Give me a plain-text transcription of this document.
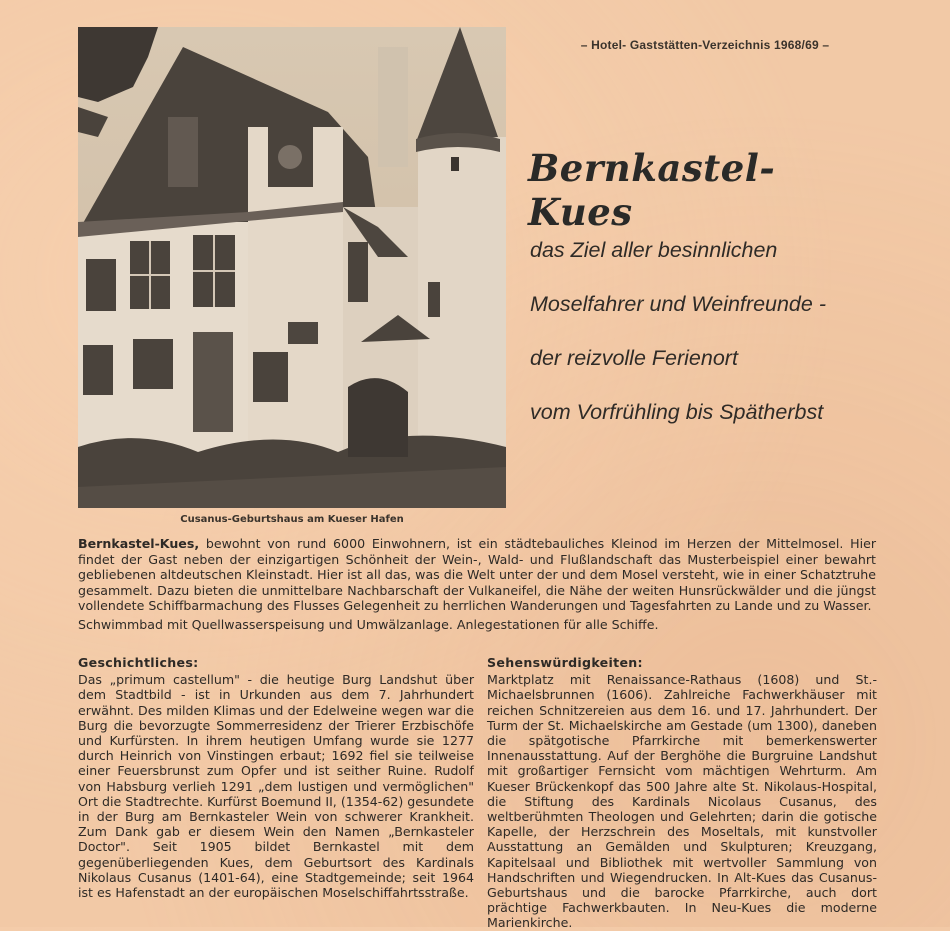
– Hotel- Gaststätten-Verzeichnis 1968/69 –
Cusanus-Geburtshaus am Kueser Hafen
Bernkastel-Kues
das Ziel aller besinnlichen
Moselfahrer und Weinfreunde -
der reizvolle Ferienort
vom Vorfrühling bis Spätherbst

Bernkastel-Kues, bewohnt von rund 6000 Einwohnern, ist ein städtebauliches Kleinod im Herzen der Mittelmosel. Hier findet der Gast neben der einzigartigen Schönheit der Wein-, Wald- und Flußlandschaft das Musterbeispiel einer bewahrt gebliebenen altdeutschen Kleinstadt. Hier ist all das, was die Welt unter der und dem Mosel versteht, wie in einer Schatztruhe gesammelt. Dazu bieten die unmittelbare Nachbarschaft der Vulkaneifel, die Nähe der weiten Hunsrückwälder und die jüngst vollendete Schiffbarmachung des Flusses Gelegenheit zu herrlichen Wanderungen und Tagesfahrten zu Lande und zu Wasser.

Schwimmbad mit Quellwasserspeisung und Umwälzanlage. Anlegestationen für alle Schiffe.

Geschichtliches:

Das „primum castellum" - die heutige Burg Landshut über dem Stadtbild - ist in Urkunden aus dem 7. Jahrhundert erwähnt. Des milden Klimas und der Edelweine wegen war die Burg die bevorzugte Sommerresidenz der Trierer Erzbischöfe und Kurfürsten. In ihrem heutigen Umfang wurde sie 1277 durch Heinrich von Vinstingen erbaut; 1692 fiel sie teilweise einer Feuersbrunst zum Opfer und ist seither Ruine. Rudolf von Habsburg verlieh 1291 „dem lustigen und vermöglichen" Ort die Stadtrechte. Kurfürst Boemund II, (1354-62) gesundete in der Burg am Bernkasteler Wein von schwerer Krankheit. Zum Dank gab er diesem Wein den Namen „Bernkasteler Doctor". Seit 1905 bildet Bernkastel mit dem gegenüberliegenden Kues, dem Geburtsort des Kardinals Nikolaus Cusanus (1401-64), eine Stadtgemeinde; seit 1964 ist es Hafenstadt an der europäischen Moselschiffahrtsstraße.

Sehenswürdigkeiten:

Marktplatz mit Renaissance-Rathaus (1608) und St.-Michaelsbrunnen (1606). Zahlreiche Fachwerkhäuser mit reichen Schnitzereien aus dem 16. und 17. Jahrhundert. Der Turm der St. Michaelskirche am Gestade (um 1300), daneben die spätgotische Pfarrkirche mit bemerkenswerter Innenausstattung. Auf der Berghöhe die Burgruine Landshut mit großartiger Fernsicht vom mächtigen Wehrturm. Am Kueser Brückenkopf das 500 Jahre alte St. Nikolaus-Hospital, die Stiftung des Kardinals Nicolaus Cusanus, des weltberühmten Theologen und Gelehrten; darin die gotische Kapelle, der Herzschrein des Moseltals, mit kunstvoller Ausstattung an Gemälden und Skulpturen; Kreuzgang, Kapitelsaal und Bibliothek mit wertvoller Sammlung von Handschriften und Wiegendrucken. In Alt-Kues das Cusanus-Geburtshaus und die barocke Pfarrkirche, auch dort prächtige Fachwerkbauten. In Neu-Kues die moderne Marienkirche.
